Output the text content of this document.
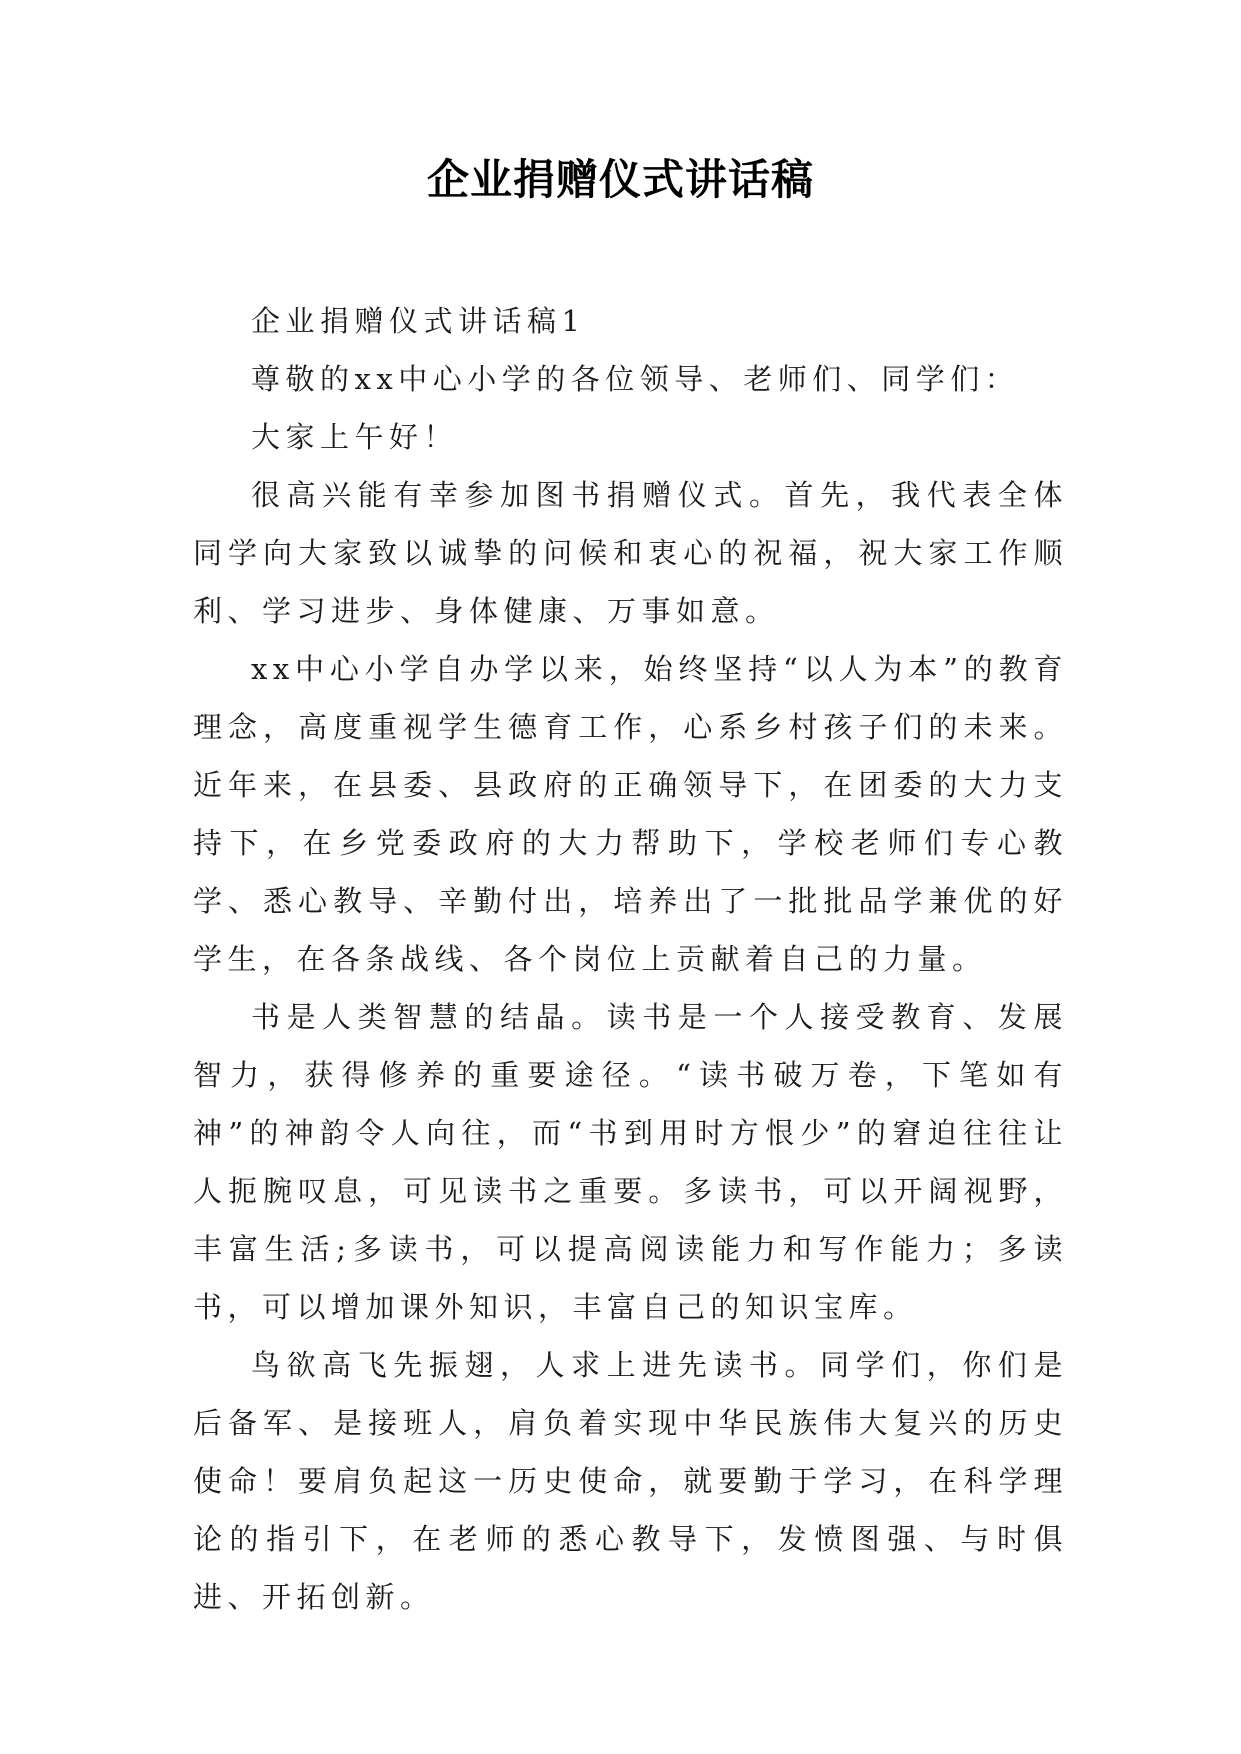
企业捐赠仪式讲话稿

企业捐赠仪式讲话稿1

尊敬的xx中心小学的各位领导、老师们、同学们：

大家上午好！

很高兴能有幸参加图书捐赠仪式。首先，我代表全体同学向大家致以诚挚的问候和衷心的祝福，祝大家工作顺利、学习进步、身体健康、万事如意。

xx中心小学自办学以来，始终坚持“以人为本”的教育理念，高度重视学生德育工作，心系乡村孩子们的未来。近年来，在县委、县政府的正确领导下，在团委的大力支持下，在乡党委政府的大力帮助下，学校老师们专心教学、悉心教导、辛勤付出，培养出了一批批品学兼优的好学生，在各条战线、各个岗位上贡献着自己的力量。

书是人类智慧的结晶。读书是一个人接受教育、发展智力，获得修养的重要途径。“读书破万卷，下笔如有神”的神韵令人向往，而“书到用时方恨少”的窘迫往往让人扼腕叹息，可见读书之重要。多读书，可以开阔视野，丰富生活;多读书，可以提高阅读能力和写作能力；多读书，可以增加课外知识，丰富自己的知识宝库。

鸟欲高飞先振翅，人求上进先读书。同学们，你们是后备军、是接班人，肩负着实现中华民族伟大复兴的历史使命！要肩负起这一历史使命，就要勤于学习，在科学理论的指引下，在老师的悉心教导下，发愤图强、与时俱进、开拓创新。
